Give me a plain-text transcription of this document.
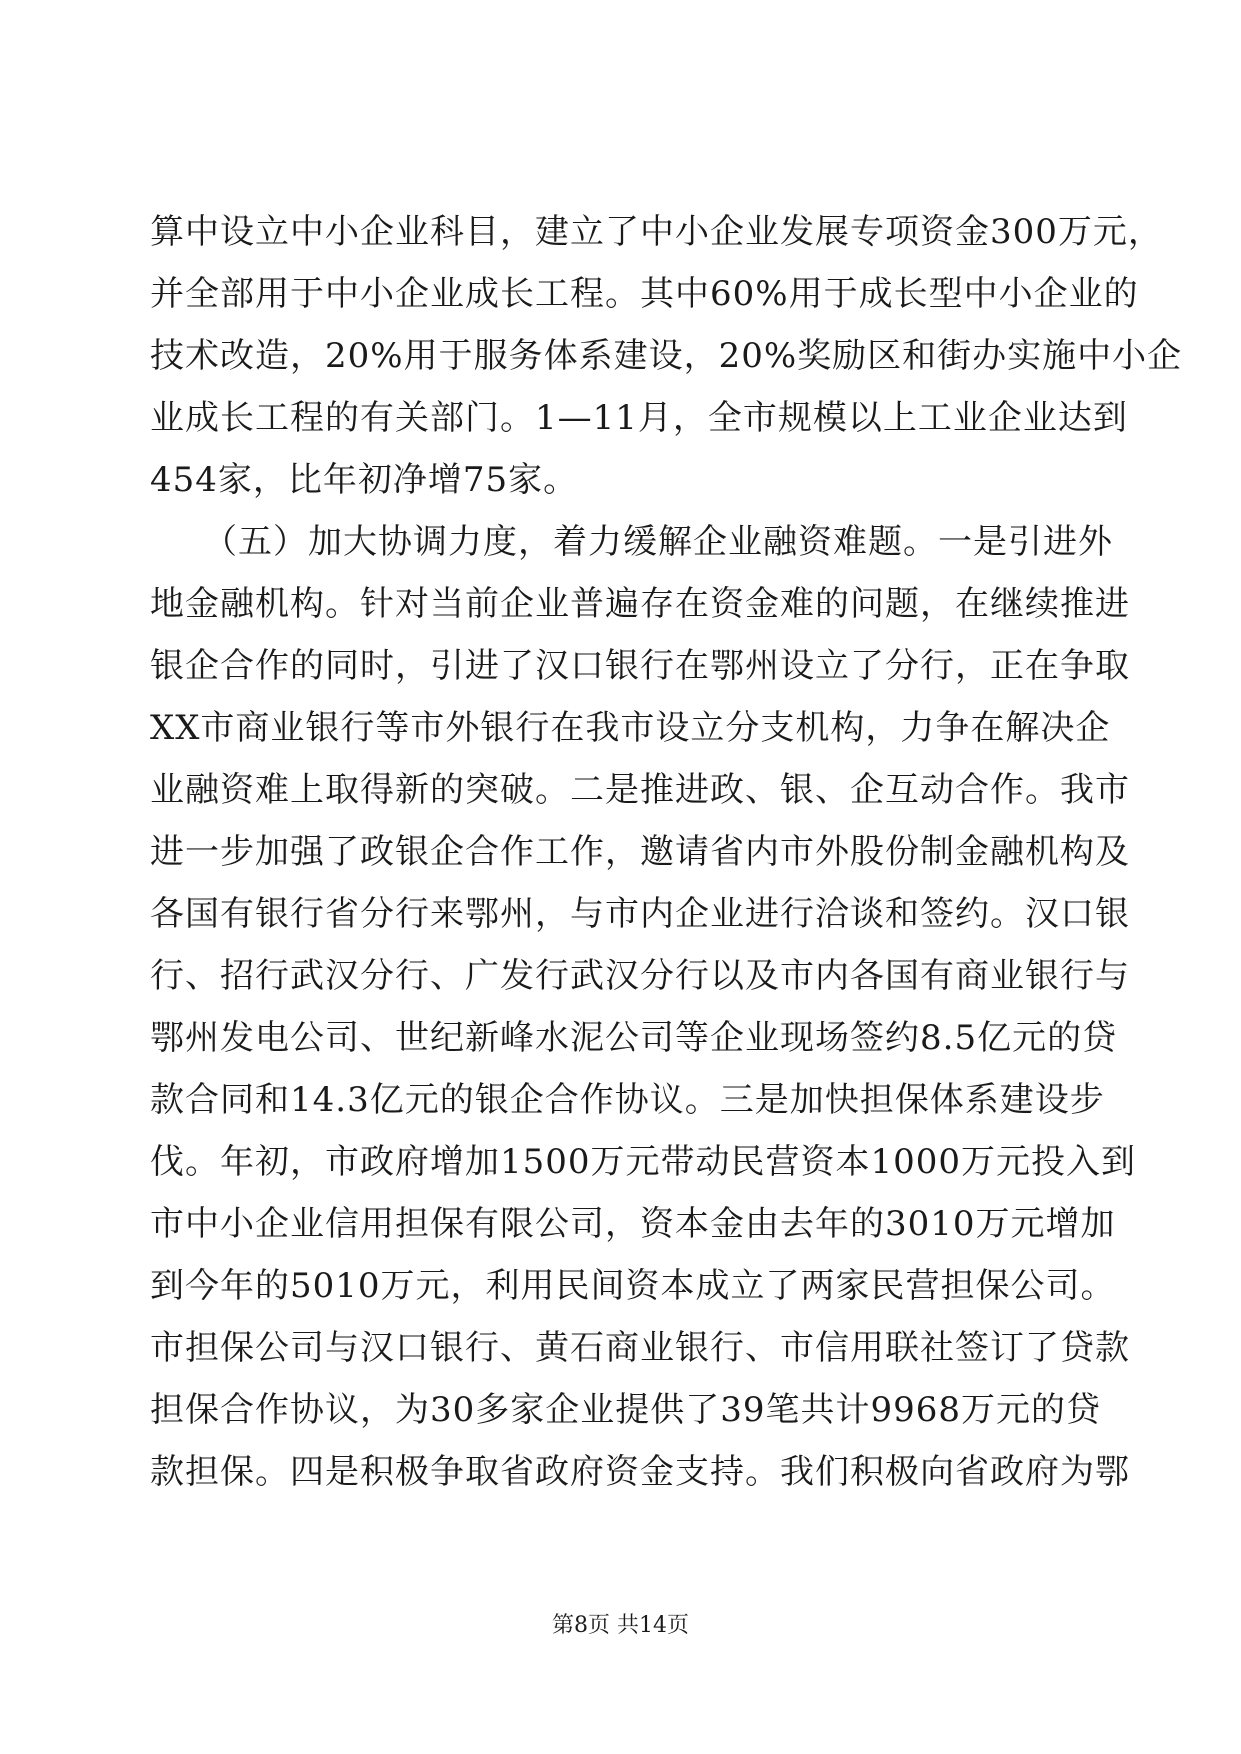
算中设立中小企业科目，建立了中小企业发展专项资金300万元，
并全部用于中小企业成长工程。其中60%用于成长型中小企业的
技术改造，20%用于服务体系建设，20%奖励区和街办实施中小企
业成长工程的有关部门。1—11月，全市规模以上工业企业达到
454家，比年初净增75家。
　　（五）加大协调力度，着力缓解企业融资难题。一是引进外
地金融机构。针对当前企业普遍存在资金难的问题，在继续推进
银企合作的同时，引进了汉口银行在鄂州设立了分行，正在争取
XX市商业银行等市外银行在我市设立分支机构，力争在解决企
业融资难上取得新的突破。二是推进政、银、企互动合作。我市
进一步加强了政银企合作工作，邀请省内市外股份制金融机构及
各国有银行省分行来鄂州，与市内企业进行洽谈和签约。汉口银
行、招行武汉分行、广发行武汉分行以及市内各国有商业银行与
鄂州发电公司、世纪新峰水泥公司等企业现场签约8.5亿元的贷
款合同和14.3亿元的银企合作协议。三是加快担保体系建设步
伐。年初，市政府增加1500万元带动民营资本1000万元投入到
市中小企业信用担保有限公司，资本金由去年的3010万元增加
到今年的5010万元，利用民间资本成立了两家民营担保公司。
市担保公司与汉口银行、黄石商业银行、市信用联社签订了贷款
担保合作协议，为30多家企业提供了39笔共计9968万元的贷
款担保。四是积极争取省政府资金支持。我们积极向省政府为鄂
第8页 共14页
